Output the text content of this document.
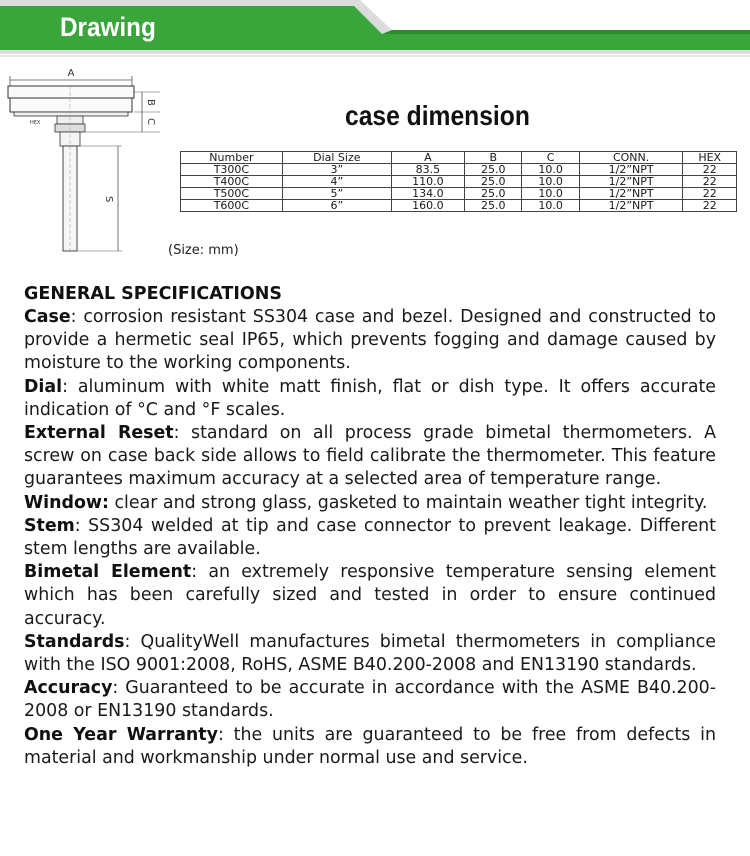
Drawing
A
HEX
S
B
C	case dimension
Number	Dial Size	A	B	C	CONN.	HEX
T300C	3”	83.5	25.0	10.0	1/2”NPT	22
T400C	4”	110.0	25.0	10.0	1/2”NPT	22
T500C	5”	134.0	25.0	10.0	1/2”NPT	22
T600C	6”	160.0	25.0	10.0	1/2”NPT	22
(Size: mm)

GENERAL SPECIFICATIONS

Case: corrosion resistant SS304 case and bezel. Designed and constructed to provide a hermetic seal IP65, which prevents fogging and damage caused by moisture to the working components.

Dial: aluminum with white matt finish, flat or dish type. It offers accurate indication of °C and °F scales.

External Reset: standard on all process grade bimetal thermometers. A screw on case back side allows to field calibrate the thermometer. This feature guarantees maximum accuracy at a selected area of temperature range.

Window: clear and strong glass, gasketed to maintain weather tight integrity.

Stem: SS304 welded at tip and case connector to prevent leakage. Different stem lengths are available.

Bimetal Element: an extremely responsive temperature sensing element which has been carefully sized and tested in order to ensure continued accuracy.

Standards: QualityWell manufactures bimetal thermometers in compliance with the ISO 9001:2008, RoHS, ASME B40.200-2008 and EN13190 standards.

Accuracy: Guaranteed to be accurate in accordance with the ASME B40.200-2008 or EN13190 standards.

One Year Warranty: the units are guaranteed to be free from defects in material and workmanship under normal use and service.
